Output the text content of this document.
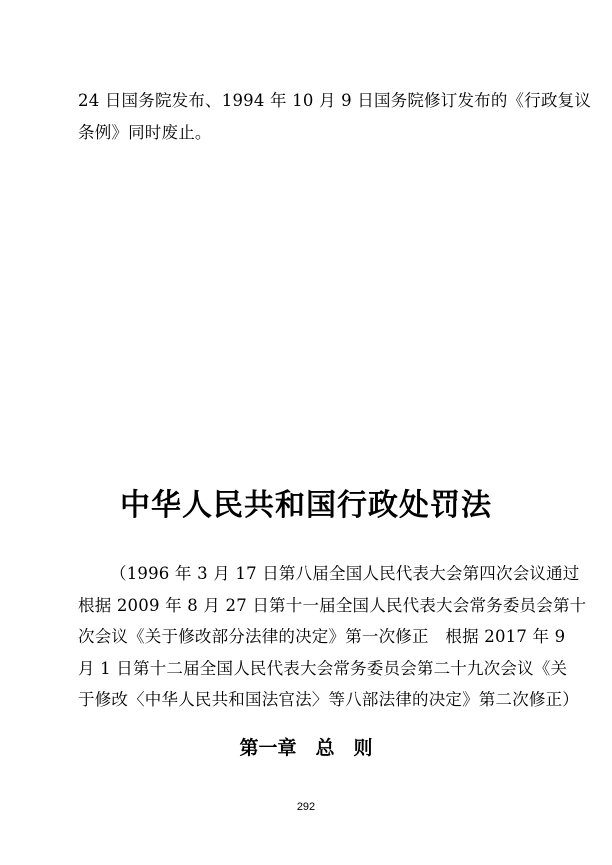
24 日国务院发布、1994 年 10 月 9 日国务院修订发布的《行政复议
条例》同时废止。
中华人民共和国行政处罚法
（1996 年 3 月 17 日第八届全国人民代表大会第四次会议通过
根据 2009 年 8 月 27 日第十一届全国人民代表大会常务委员会第十
次会议《关于修改部分法律的决定》第一次修正　根据 2017 年 9
月 1 日第十二届全国人民代表大会常务委员会第二十九次会议《关
于修改〈中华人民共和国法官法〉等八部法律的决定》第二次修正）
第一章　总　则
292
